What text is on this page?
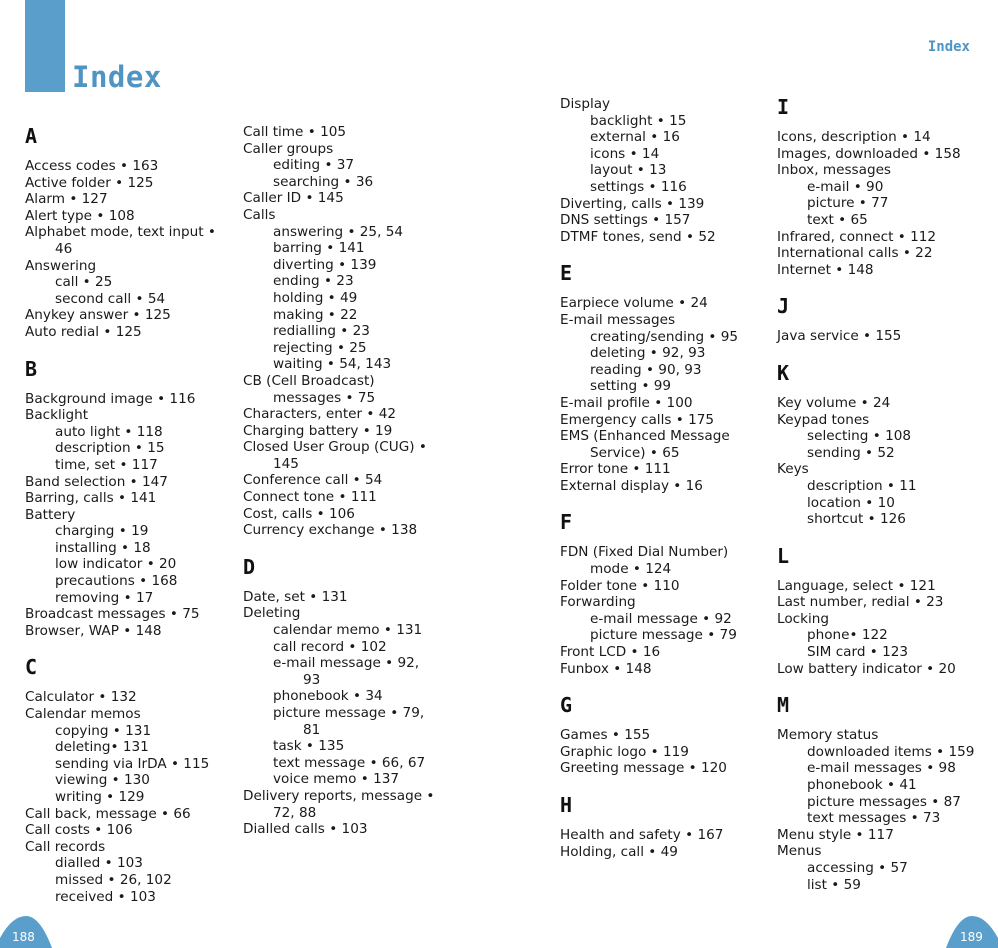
Index
Index
A
Access codes • 163
Active folder • 125
Alarm • 127
Alert type • 108
Alphabet mode, text input •
46
Answering
call • 25
second call • 54
Anykey answer • 125
Auto redial • 125
B
Background image • 116
Backlight
auto light • 118
description • 15
time, set • 117
Band selection • 147
Barring, calls • 141
Battery
charging • 19
installing • 18
low indicator • 20
precautions • 168
removing • 17
Broadcast messages • 75
Browser, WAP • 148
C
Calculator • 132
Calendar memos
copying • 131
deleting• 131
sending via IrDA • 115
viewing • 130
writing • 129
Call back, message • 66
Call costs • 106
Call records
dialled • 103
missed • 26, 102
received • 103
Call time • 105
Caller groups
editing • 37
searching • 36
Caller ID • 145
Calls
answering • 25, 54
barring • 141
diverting • 139
ending • 23
holding • 49
making • 22
redialling • 23
rejecting • 25
waiting • 54, 143
CB (Cell Broadcast)
messages • 75
Characters, enter • 42
Charging battery • 19
Closed User Group (CUG) •
145
Conference call • 54
Connect tone • 111
Cost, calls • 106
Currency exchange • 138
D
Date, set • 131
Deleting
calendar memo • 131
call record • 102
e-mail message • 92,
93
phonebook • 34
picture message • 79,
81
task • 135
text message • 66, 67
voice memo • 137
Delivery reports, message •
72, 88
Dialled calls • 103
Display
backlight • 15
external • 16
icons • 14
layout • 13
settings • 116
Diverting, calls • 139
DNS settings • 157
DTMF tones, send • 52
E
Earpiece volume • 24
E-mail messages
creating/sending • 95
deleting • 92, 93
reading • 90, 93
setting • 99
E-mail profile • 100
Emergency calls • 175
EMS (Enhanced Message
Service) • 65
Error tone • 111
External display • 16
F
FDN (Fixed Dial Number)
mode • 124
Folder tone • 110
Forwarding
e-mail message • 92
picture message • 79
Front LCD • 16
Funbox • 148
G
Games • 155
Graphic logo • 119
Greeting message • 120
H
Health and safety • 167
Holding, call • 49
I
Icons, description • 14
Images, downloaded • 158
Inbox, messages
e-mail • 90
picture • 77
text • 65
Infrared, connect • 112
International calls • 22
Internet • 148
J
Java service • 155
K
Key volume • 24
Keypad tones
selecting • 108
sending • 52
Keys
description • 11
location • 10
shortcut • 126
L
Language, select • 121
Last number, redial • 23
Locking
phone• 122
SIM card • 123
Low battery indicator • 20
M
Memory status
downloaded items • 159
e-mail messages • 98
phonebook • 41
picture messages • 87
text messages • 73
Menu style • 117
Menus
accessing • 57
list • 59
188	189
